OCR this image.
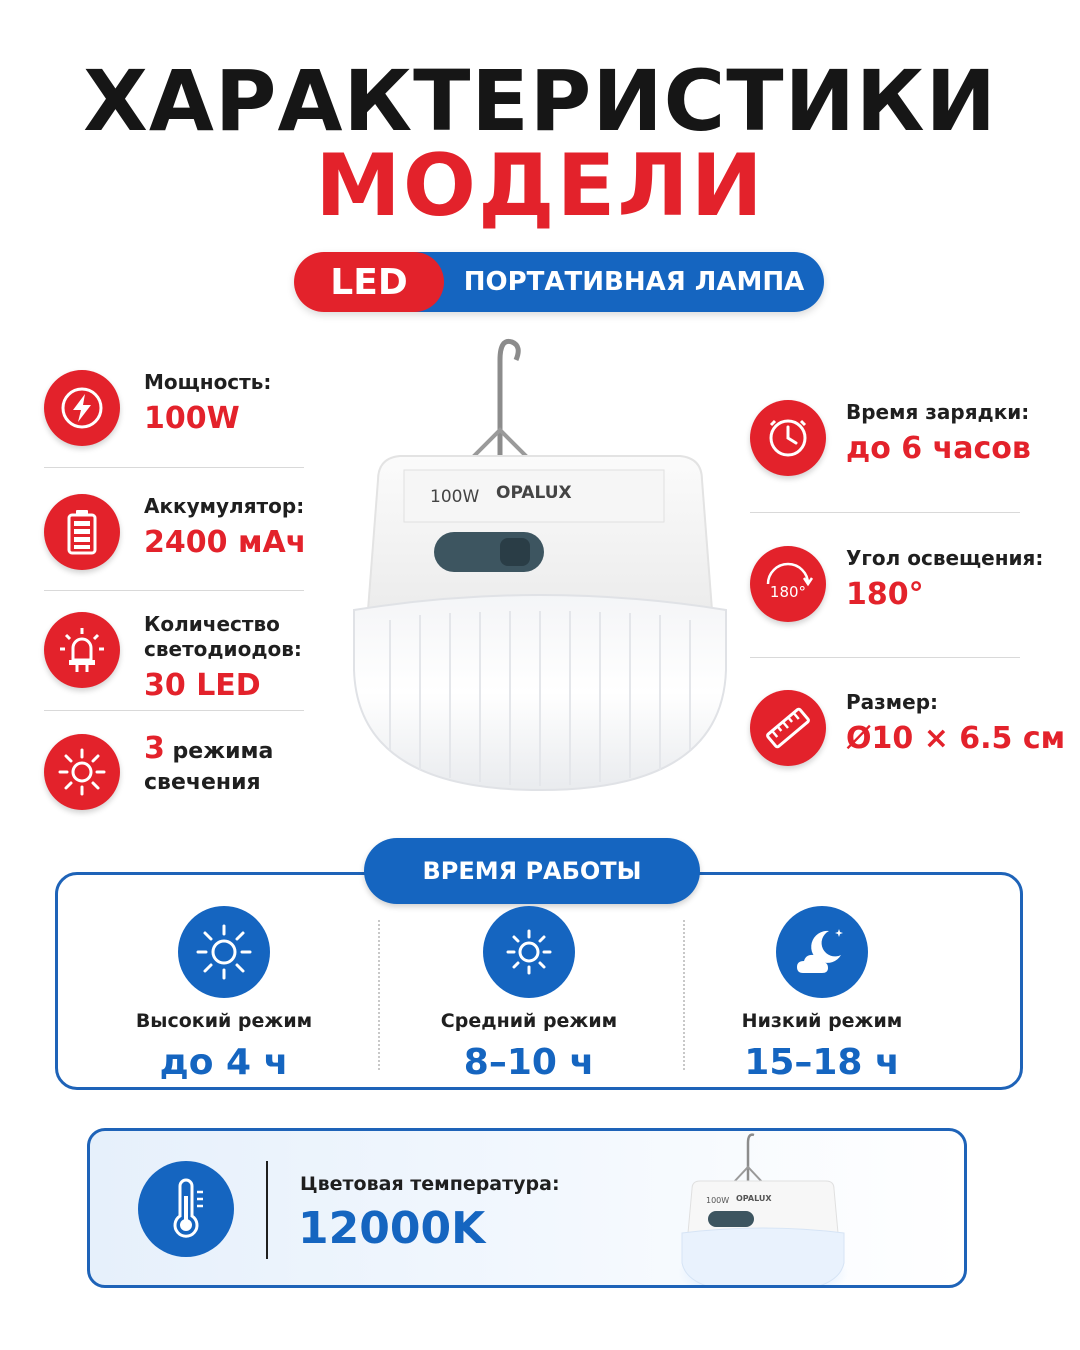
ХАРАКТЕРИСТИКИ
МОДЕЛИ
LED	ПОРТАТИВНАЯ ЛАМПА
Мощность:
100W
Аккумулятор:
2400 мАч
Количество
светодиодов:
30 LED
3 режима
свечения
Время зарядки:
до 6 часов
180°
Угол освещения:
180°
Размер:
Ø10 × 6.5 см
100W OPALUX
ВРЕМЯ РАБОТЫ
Высокий режим
до 4 ч
Средний режим
8–10 ч
Низкий режим
15–18 ч
Цветовая температура:
12000K
100W OPALUX
